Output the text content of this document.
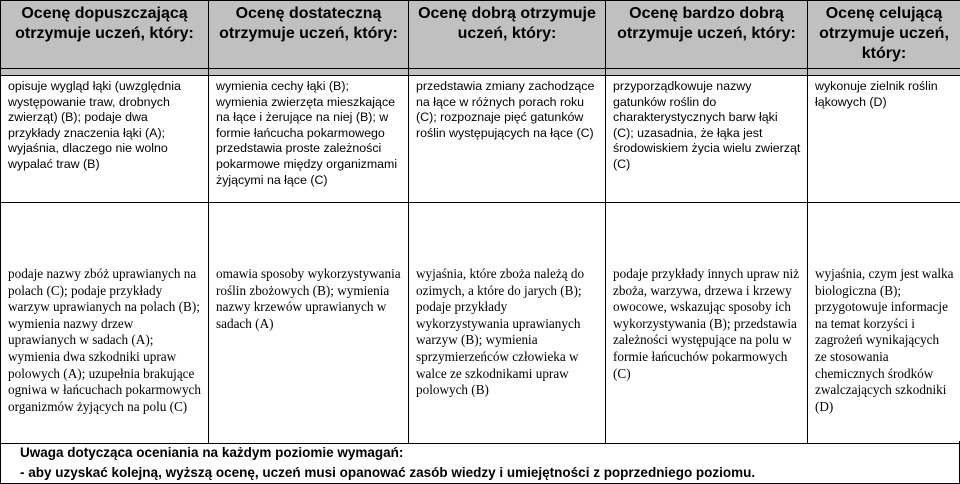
Ocenę dopuszczającą otrzymuje uczeń, który:	Ocenę dostateczną otrzymuje uczeń, który:	Ocenę dobrą otrzymuje uczeń, który:	Ocenę bardzo dobrą otrzymuje uczeń, który:	Ocenę celującą otrzymuje uczeń, który:

opisuje wygląd łąki (uwzględnia występowanie traw, drobnych zwierząt) (B); podaje dwa przykłady znaczenia łąki (A); wyjaśnia, dlaczego nie wolno wypalać traw (B)	wymienia cechy łąki (B); wymienia zwierzęta mieszkające na łące i żerujące na niej (B); w formie łańcucha pokarmowego przedstawia proste zależności pokarmowe między organizmami żyjącymi na łące (C)	przedstawia zmiany zachodzące na łące w różnych porach roku (C); rozpoznaje pięć gatunków roślin występujących na łące (C)	przyporządkowuje nazwy gatunków roślin do charakterystycznych barw łąki (C); uzasadnia, że łąka jest środowiskiem życia wielu zwierząt (C)	wykonuje zielnik roślin łąkowych (D)

podaje nazwy zbóż uprawianych na polach (C); podaje przykłady warzyw uprawianych na polach (B); wymienia nazwy drzew uprawianych w sadach (A); wymienia dwa szkodniki upraw polowych (A); uzupełnia brakujące ogniwa w łańcuchach pokarmowych organizmów żyjących na polu (C)	omawia sposoby wykorzystywania roślin zbożowych (B); wymienia nazwy krzewów uprawianych w sadach (A)	wyjaśnia, które zboża należą do ozimych, a które do jarych (B); podaje przykłady wykorzystywania uprawianych warzyw (B); wymienia sprzymierzeńców człowieka w walce ze szkodnikami upraw polowych (B)	podaje przykłady innych upraw niż zboża, warzywa, drzewa i krzewy owocowe, wskazując sposoby ich wykorzystywania (B); przedstawia zależności występujące na polu w formie łańcuchów pokarmowych (C)	wyjaśnia, czym jest walka biologiczna (B); przygotowuje informacje na temat korzyści i zagrożeń wynikających ze stosowania chemicznych środków zwalczających szkodniki (D)
Uwaga dotycząca oceniania na każdym poziomie wymagań:
- aby uzyskać kolejną, wyższą ocenę, uczeń musi opanować zasób wiedzy i umiejętności z poprzedniego poziomu.
